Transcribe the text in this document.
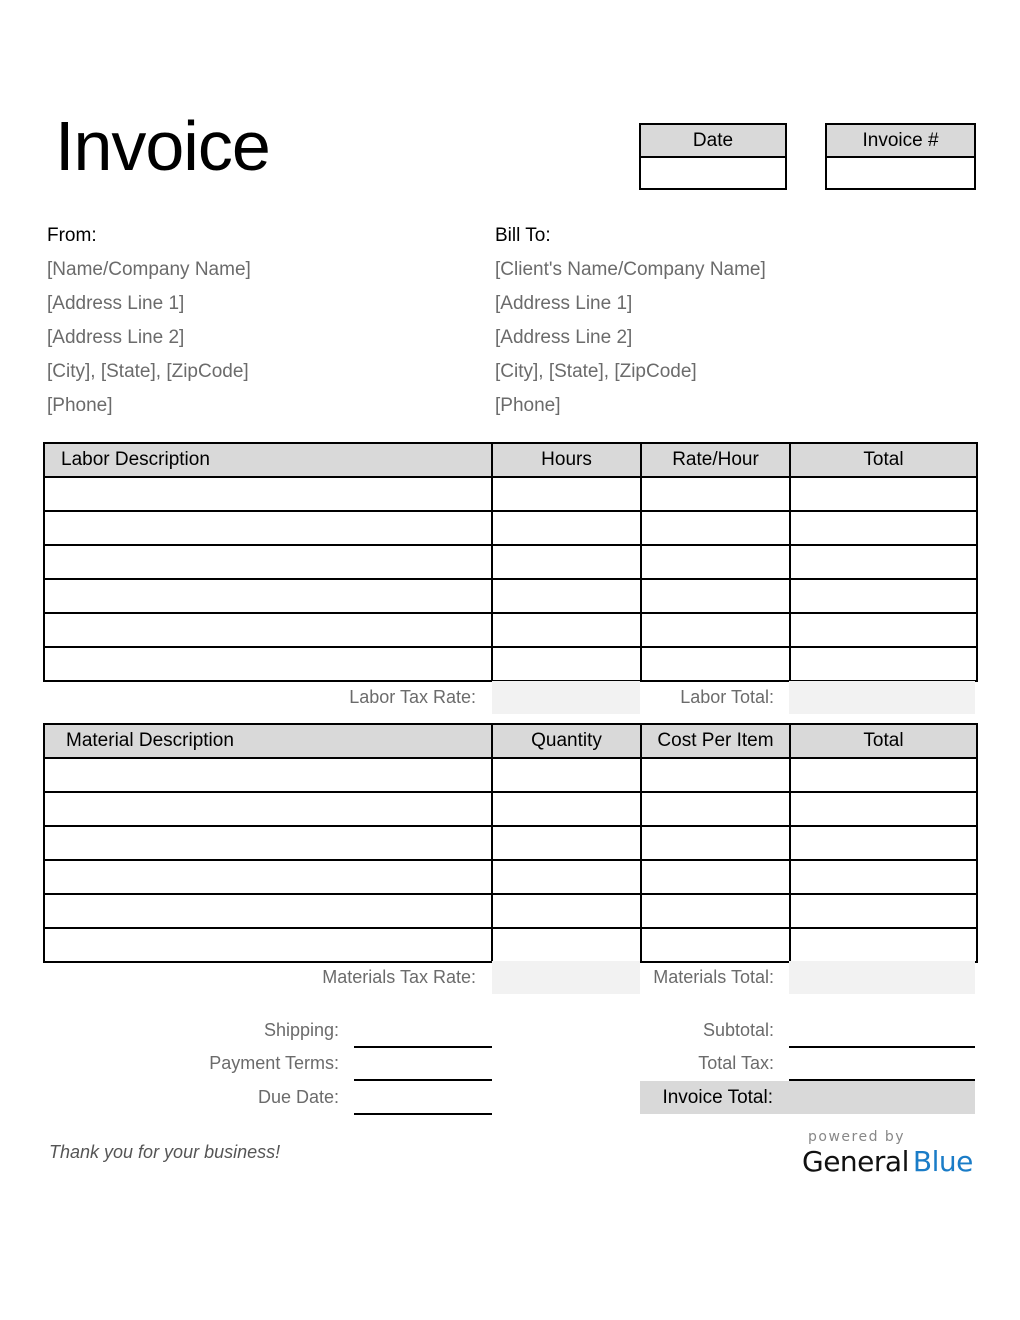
Invoice	Date	Invoice #
From:
[Name/Company Name]
[Address Line 1]
[Address Line 2]
[City], [State], [ZipCode]
[Phone]
Bill To:
[Client's Name/Company Name]
[Address Line 1]
[Address Line 2]
[City], [State], [ZipCode]
[Phone]
Labor Description	Hours	Rate/Hour	Total

Labor Tax Rate:	Labor Total:
Material Description	Quantity	Cost Per Item	Total

Materials Tax Rate:	Materials Total:
Shipping:
Payment Terms:
Due Date:
Subtotal:
Total Tax:
Invoice Total:
Thank you for your business!
powered by
General Blue
